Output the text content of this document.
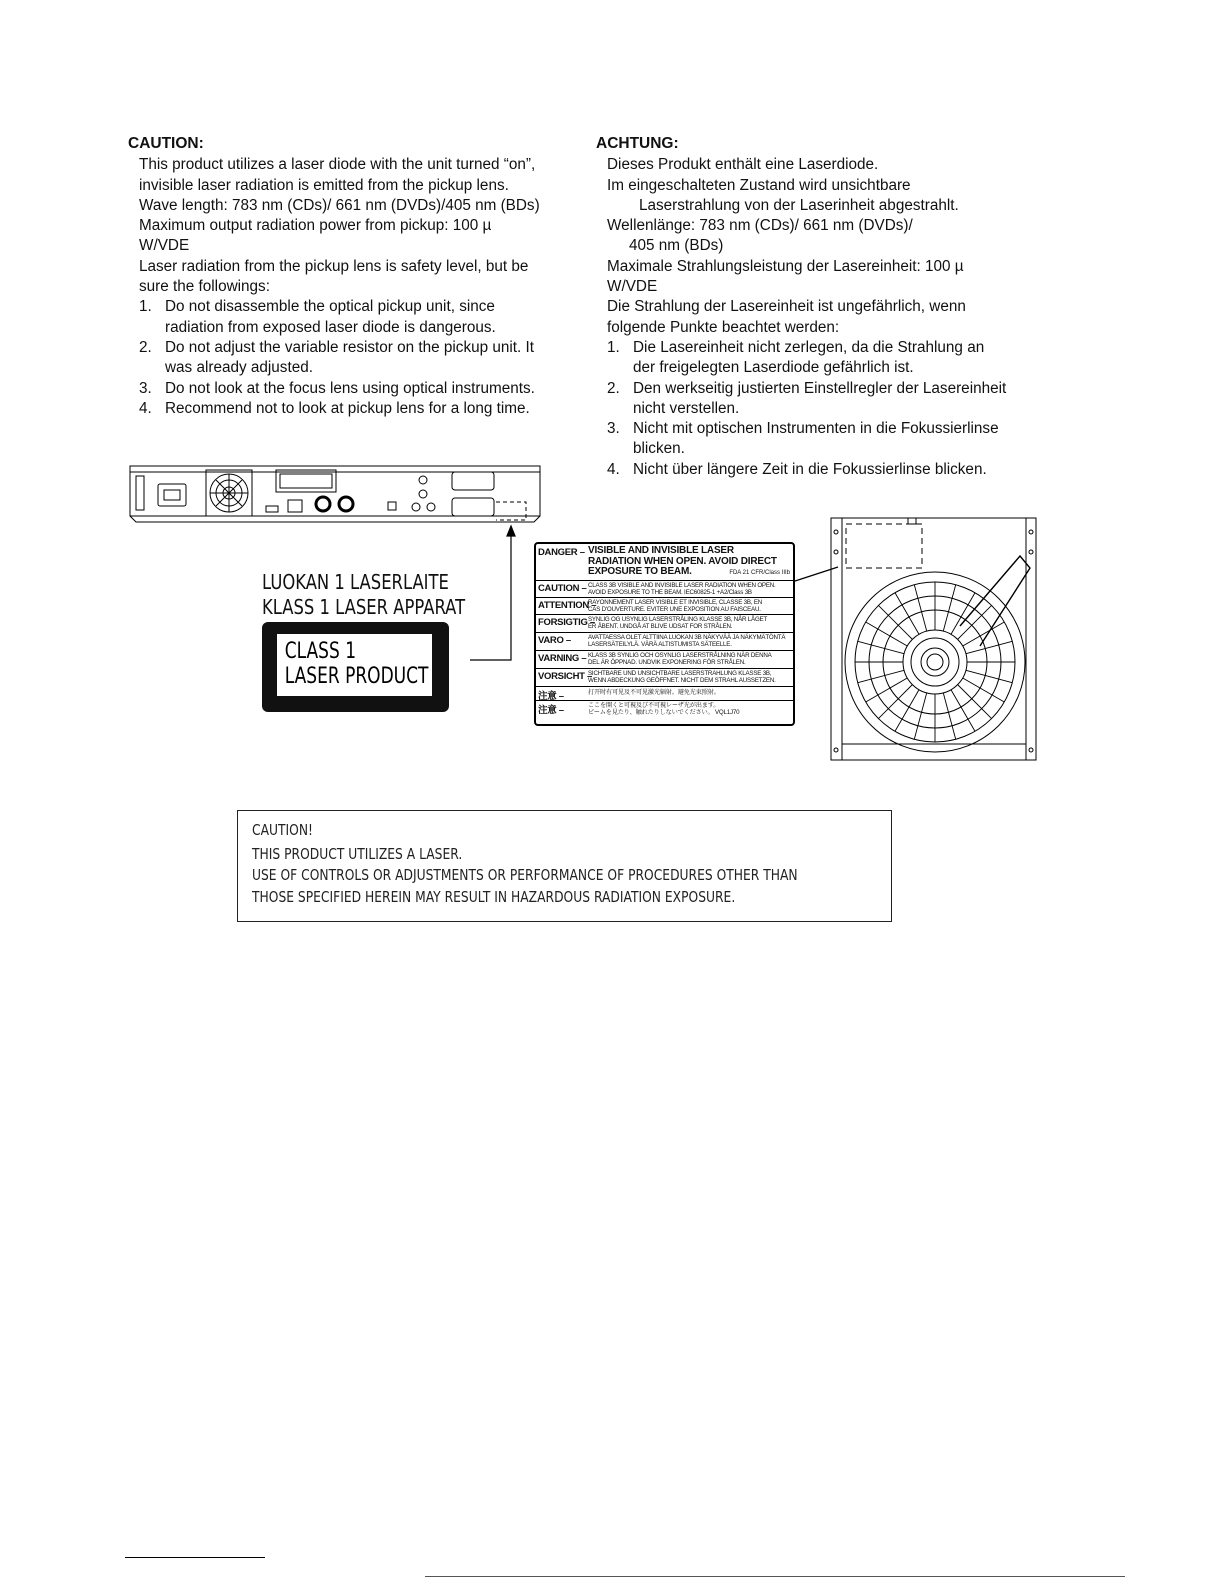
CAUTION:
This product utilizes a laser diode with the unit turned “on”,
invisible laser radiation is emitted from the pickup lens.
Wave length: 783 nm (CDs)/ 661 nm (DVDs)/405 nm (BDs)
Maximum output radiation power from pickup: 100 µ
W/VDE
Laser radiation from the pickup lens is safety level, but be
sure the followings:
1. Do not disassemble the optical pickup unit, since
radiation from exposed laser diode is dangerous.
2. Do not adjust the variable resistor on the pickup unit. It
was already adjusted.
3. Do not look at the focus lens using optical instruments.
4. Recommend not to look at pickup lens for a long time.
ACHTUNG:
Dieses Produkt enthält eine Laserdiode.
Im eingeschalteten Zustand wird unsichtbare
Laserstrahlung von der Laserinheit abgestrahlt.
Wellenlänge: 783 nm (CDs)/ 661 nm (DVDs)/
405 nm (BDs)
Maximale Strahlungsleistung der Lasereinheit: 100 µ
W/VDE
Die Strahlung der Lasereinheit ist ungefährlich, wenn
folgende Punkte beachtet werden:
1. Die Lasereinheit nicht zerlegen, da die Strahlung an
der freigelegten Laserdiode gefährlich ist.
2. Den werkseitig justierten Einstellregler der Lasereinheit
nicht verstellen.
3. Nicht mit optischen Instrumenten in die Fokussierlinse
blicken.
4. Nicht über längere Zeit in die Fokussierlinse blicken.
LUOKAN 1 LASERLAITE
KLASS 1 LASER APPARAT
CLASS 1
LASER PRODUCT
DANGER – VISIBLE AND INVISIBLE LASER
RADIATION WHEN OPEN. AVOID DIRECT
EXPOSURE TO BEAM.	FDA 21 CFR/Class IIIb
CAUTION – CLASS 3B VISIBLE AND INVISIBLE LASER RADIATION WHEN OPEN.
AVOID EXPOSURE TO THE BEAM. IEC60825-1 +A2/Class 3B
ATTENTION –
RAYONNEMENT LASER VISIBLE ET INVISIBLE, CLASSE 3B, EN
CAS D'OUVERTURE. EVITER UNE EXPOSITION AU FAISCEAU.
FORSIGTIG –
SYNLIG OG USYNLIG LASERSTRÅLING KLASSE 3B, NÅR LÅGET
ER ÅBENT. UNDGÅ AT BLIVE UDSAT FOR STRÅLEN.
VARO –	AVATTAESSA OLET ALTTIINA LUOKAN 3B NÄKYVÄÄ JA NÄKYMÄTÖNTÄ
LASERSÄTEILYLÄ. VÄRÄ ALTISTUMISTA SÄTEELLE.
VARNING – KLASS 3B SYNLIG OCH OSYNLIG LASERSTRÅLNING NÄR DENNA
DEL ÄR ÖPPNAD. UNDVIK EXPONERING FÖR STRÅLEN.
VORSICHT –
SICHTBARE UND UNSICHTBARE LASERSTRAHLUNG KLASSE 3B,
WENN ABDECKUNG GEÖFFNET. NICHT DEM STRAHL AUSSETZEN.
注意 –	打开时有可见及不可见激光辐射。避免光束照射。
注意 –	ここを開くと可視及び不可視レーザ光が出ます。
ビームを見たり、触れたりしないでください。 VQL1J70
CAUTION!
THIS PRODUCT UTILIZES A LASER.
USE OF CONTROLS OR ADJUSTMENTS OR PERFORMANCE OF PROCEDURES OTHER THAN
THOSE SPECIFIED HEREIN MAY RESULT IN HAZARDOUS RADIATION EXPOSURE.
